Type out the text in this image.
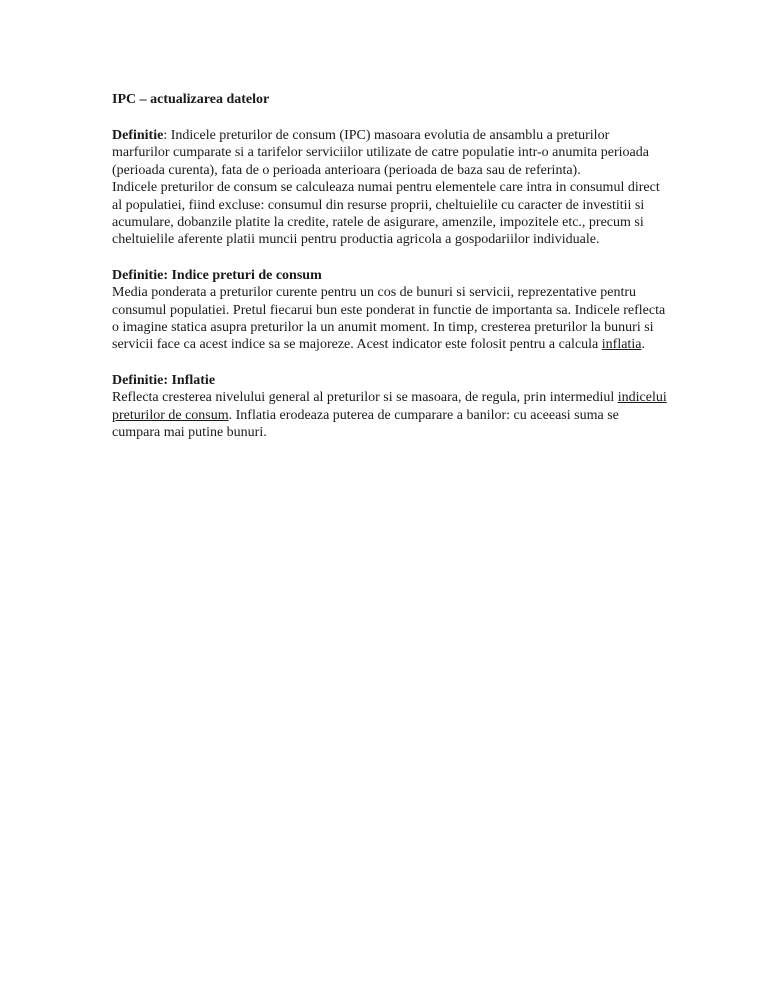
IPC – actualizarea datelor

Definitie: Indicele preturilor de consum (IPC) masoara evolutia de ansamblu a preturilor marfurilor cumparate si a tarifelor serviciilor utilizate de catre populatie intr-o anumita perioada (perioada curenta), fata de o perioada anterioara (perioada de baza sau de referinta).

Indicele preturilor de consum se calculeaza numai pentru elementele care intra in consumul direct al populatiei, fiind excluse: consumul din resurse proprii, cheltuielile cu caracter de investitii si acumulare, dobanzile platite la credite, ratele de asigurare, amenzile, impozitele etc., precum si cheltuielile aferente platii muncii pentru productia agricola a gospodariilor individuale.

Definitie: Indice preturi de consum

Media ponderata a preturilor curente pentru un cos de bunuri si servicii, reprezentative pentru consumul populatiei. Pretul fiecarui bun este ponderat in functie de importanta sa. Indicele reflecta o imagine statica asupra preturilor la un anumit moment. In timp, cresterea preturilor la bunuri si servicii face ca acest indice sa se majoreze. Acest indicator este folosit pentru a calcula inflatia.

Definitie: Inflatie

Reflecta cresterea nivelului general al preturilor si se masoara, de regula, prin intermediul indicelui preturilor de consum. Inflatia erodeaza puterea de cumparare a banilor: cu aceeasi suma se cumpara mai putine bunuri.
